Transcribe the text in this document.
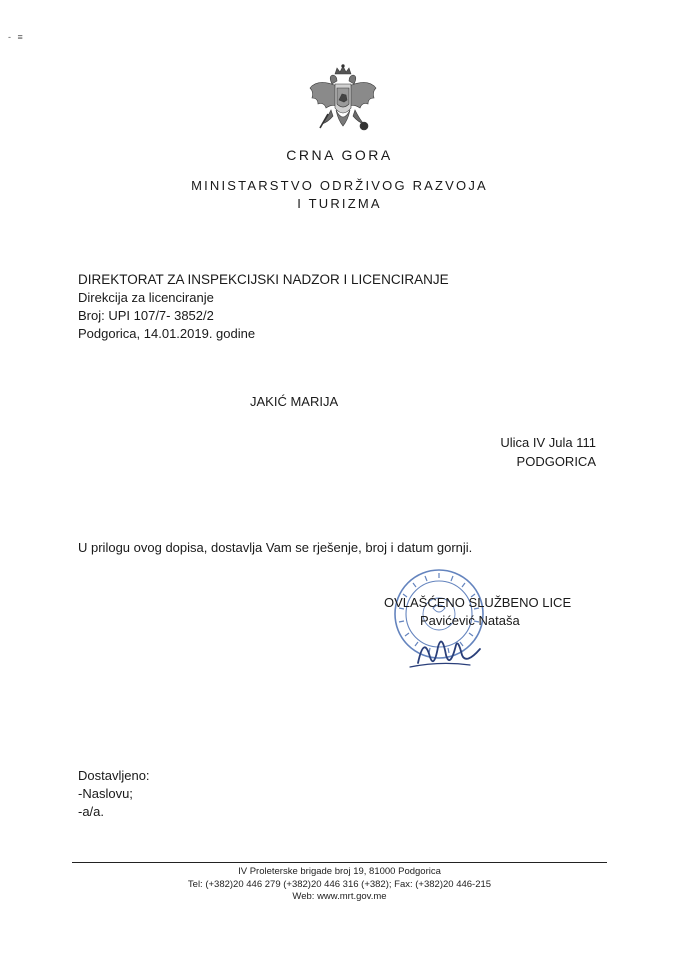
- ≡
CRNA GORA
MINISTARSTVO ODRŽIVOG RAZVOJA
I TURIZMA
DIREKTORAT ZA INSPEKCIJSKI NADZOR I LICENCIRANJE
Direkcija za licenciranje
Broj: UPI 107/7- 3852/2
Podgorica, 14.01.2019. godine
JAKIĆ MARIJA
Ulica IV Jula 111
PODGORICA
U prilogu ovog dopisa, dostavlja Vam se rješenje, broj i datum gornji.
OVLAŠĆENO SLUŽBENO LICE
Pavićević Nataša
Dostavljeno:
-Naslovu;
-a/a.
IV Proleterske brigade broj 19, 81000 Podgorica
Tel: (+382)20 446 279 (+382)20 446 316 (+382); Fax: (+382)20 446-215
Web: www.mrt.gov.me
